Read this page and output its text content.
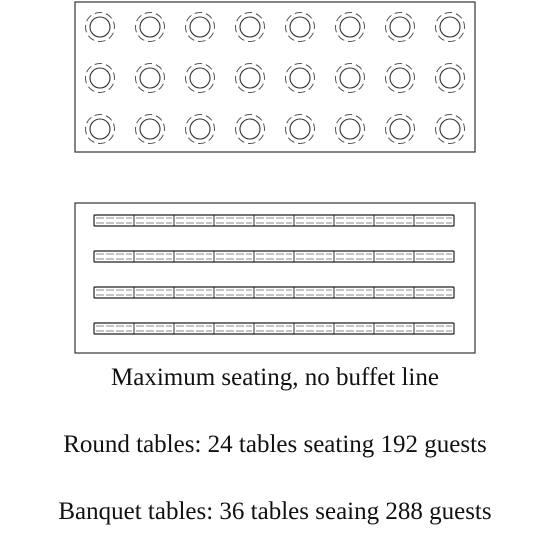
Maximum seating, no buffet line
Round tables: 24 tables seating 192 guests
Banquet tables: 36 tables seaing 288 guests
